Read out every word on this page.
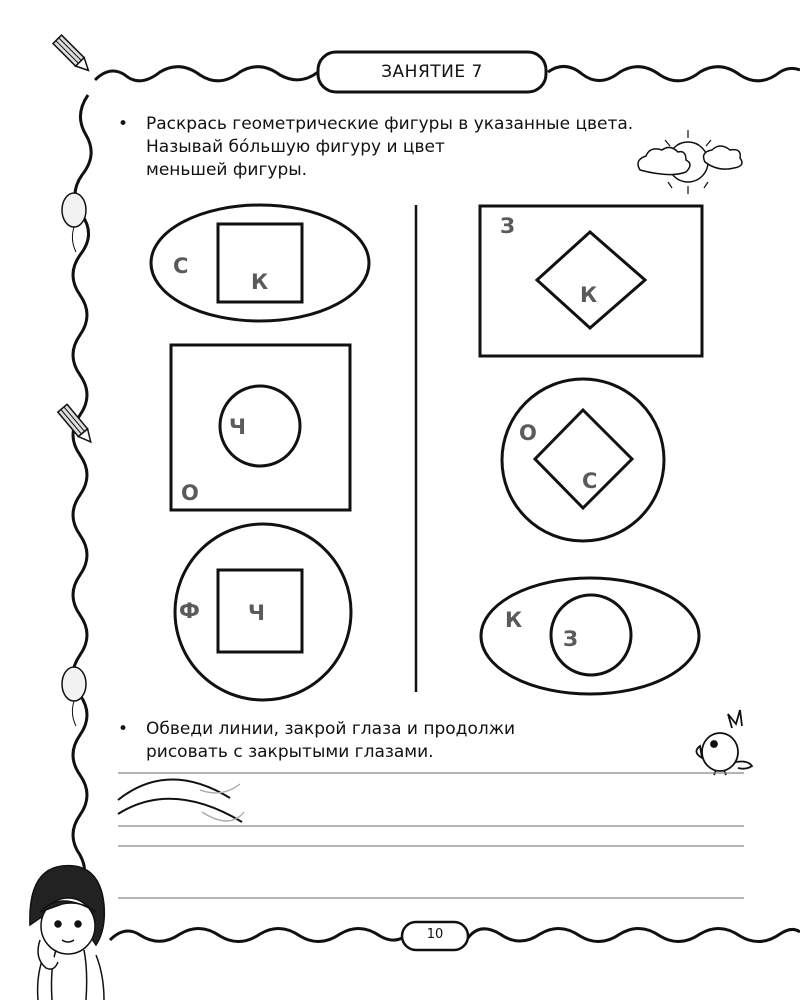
ЗАНЯТИЕ 7
• Раскрась геометрические фигуры в указанные цвета.
Называй бóльшую фигуру и цвет
меньшей фигуры.
С
К
Ч
О
Ф Ч
З
К
О
С
К
З
• Обведи линии, закрой глаза и продолжи
рисовать с закрытыми глазами.
10
